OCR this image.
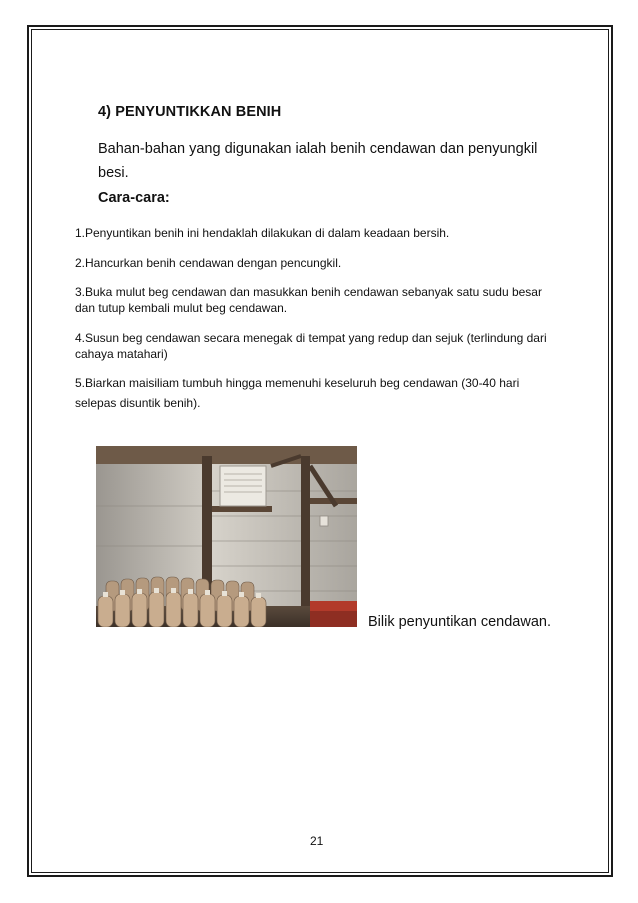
4) PENYUNTIKKAN BENIH
Bahan-bahan yang digunakan ialah benih cendawan dan penyungkil besi.
Cara-cara:
1.Penyuntikan benih ini hendaklah dilakukan di dalam keadaan bersih.
2.Hancurkan benih cendawan dengan pencungkil.
3.Buka mulut beg cendawan dan masukkan benih cendawan sebanyak satu sudu besar dan tutup kembali mulut beg cendawan.
4.Susun beg cendawan secara menegak di tempat yang redup dan sejuk (terlindung dari cahaya matahari)
5.Biarkan maisiliam tumbuh hingga memenuhi keseluruh beg cendawan (30-40 hari selepas disuntik benih).
Bilik penyuntikan cendawan.
21
